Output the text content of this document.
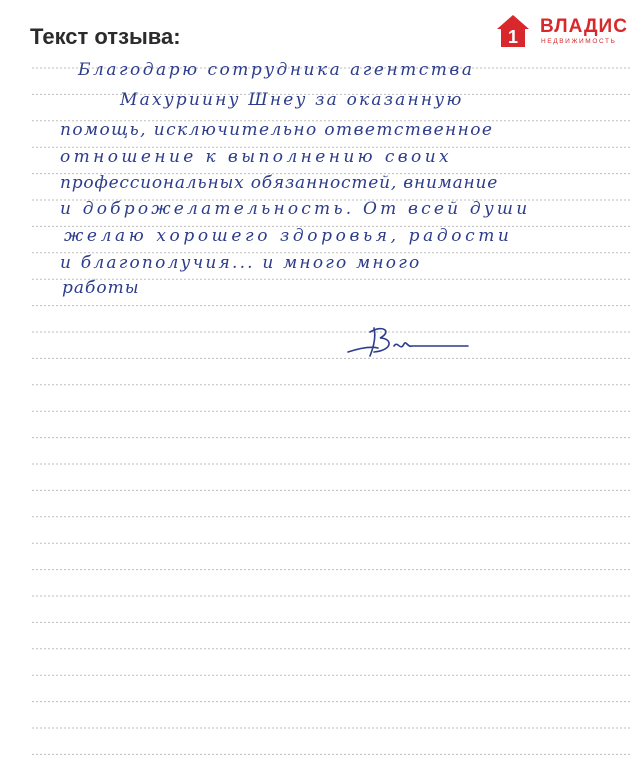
Текст отзыва:	1 ВЛАДИС
НЕДВИЖИМОСТЬ
Благодарю сотрудника агентства
Махуриину Шнеу за оказанную
помощь, исключительно ответственное
отношение к выполнению своих
профессиональных обязанностей, внимание
и доброжелательность. От всей души
желаю хорошего здоровья, радости
и благополучия... и много много
работы
